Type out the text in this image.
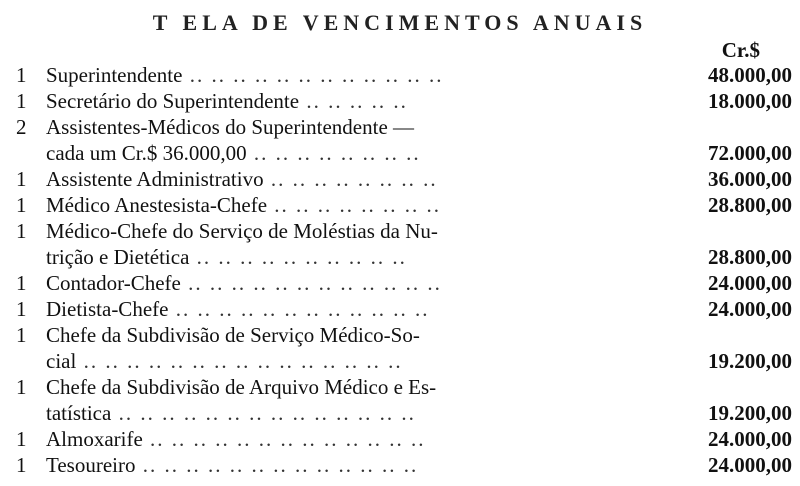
T ELA DE VENCIMENTOS ANUAIS
Cr.$
1 Superintendente .. .. .. .. .. .. .. .. .. .. .. ..	48.000,00
1 Secretário do Superintendente .. .. .. .. ..	18.000,00
2 Assistentes-Médicos do Superintendente —
cada um Cr.$ 36.000,00 .. .. .. .. .. .. .. ..	72.000,00
1 Assistente Administrativo .. .. .. .. .. .. .. ..	36.000,00
1 Médico Anestesista-Chefe .. .. .. .. .. .. .. ..	28.800,00
1 Médico-Chefe do Serviço de Moléstias da Nu-
trição e Dietética .. .. .. .. .. .. .. .. .. ..	28.800,00
1 Contador-Chefe .. .. .. .. .. .. .. .. .. .. .. ..	24.000,00
1 Dietista-Chefe .. .. .. .. .. .. .. .. .. .. .. ..	24.000,00
1 Chefe da Subdivisão de Serviço Médico-So-
cial .. .. .. .. .. .. .. .. .. .. .. .. .. .. ..	19.200,00
1 Chefe da Subdivisão de Arquivo Médico e Es-
tatística .. .. .. .. .. .. .. .. .. .. .. .. .. ..	19.200,00
1 Almoxarife .. .. .. .. .. .. .. .. .. .. .. .. ..	24.000,00
1 Tesoureiro .. .. .. .. .. .. .. .. .. .. .. .. ..	24.000,00
